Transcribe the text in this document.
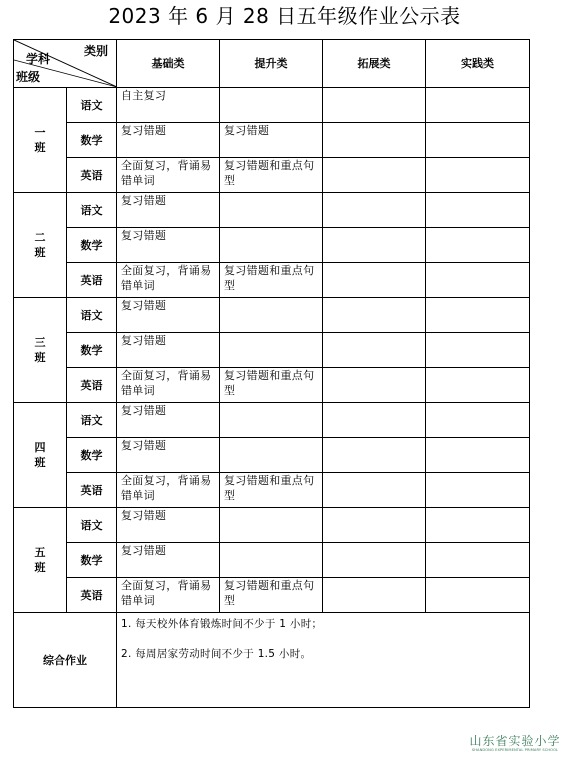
2023 年 6 月 28 日五年级作业公示表
类别
学科
班级		基础类	提升类	拓展类	实践类

一
班	语文	自主复习			
	数学	复习错题	复习错题		
	英语	全面复习，背诵易错单词	复习错题和重点句型		

二
班	语文	复习错题			
	数学	复习错题			
	英语	全面复习，背诵易错单词	复习错题和重点句型		

三
班	语文	复习错题			
	数学	复习错题			
	英语	全面复习，背诵易错单词	复习错题和重点句型		

四
班	语文	复习错题			
	数学	复习错题			
	英语	全面复习，背诵易错单词	复习错题和重点句型		

五
班	语文	复习错题			
	数学	复习错题			
	英语	全面复习，背诵易错单词	复习错题和重点句型		
综合作业		1. 每天校外体育锻炼时间不少于 1 小时；

2. 每周居家劳动时间不少于 1.5 小时。			

山东省实验小学
SHANDONG EXPERIMENTAL PRIMARY SCHOOL
